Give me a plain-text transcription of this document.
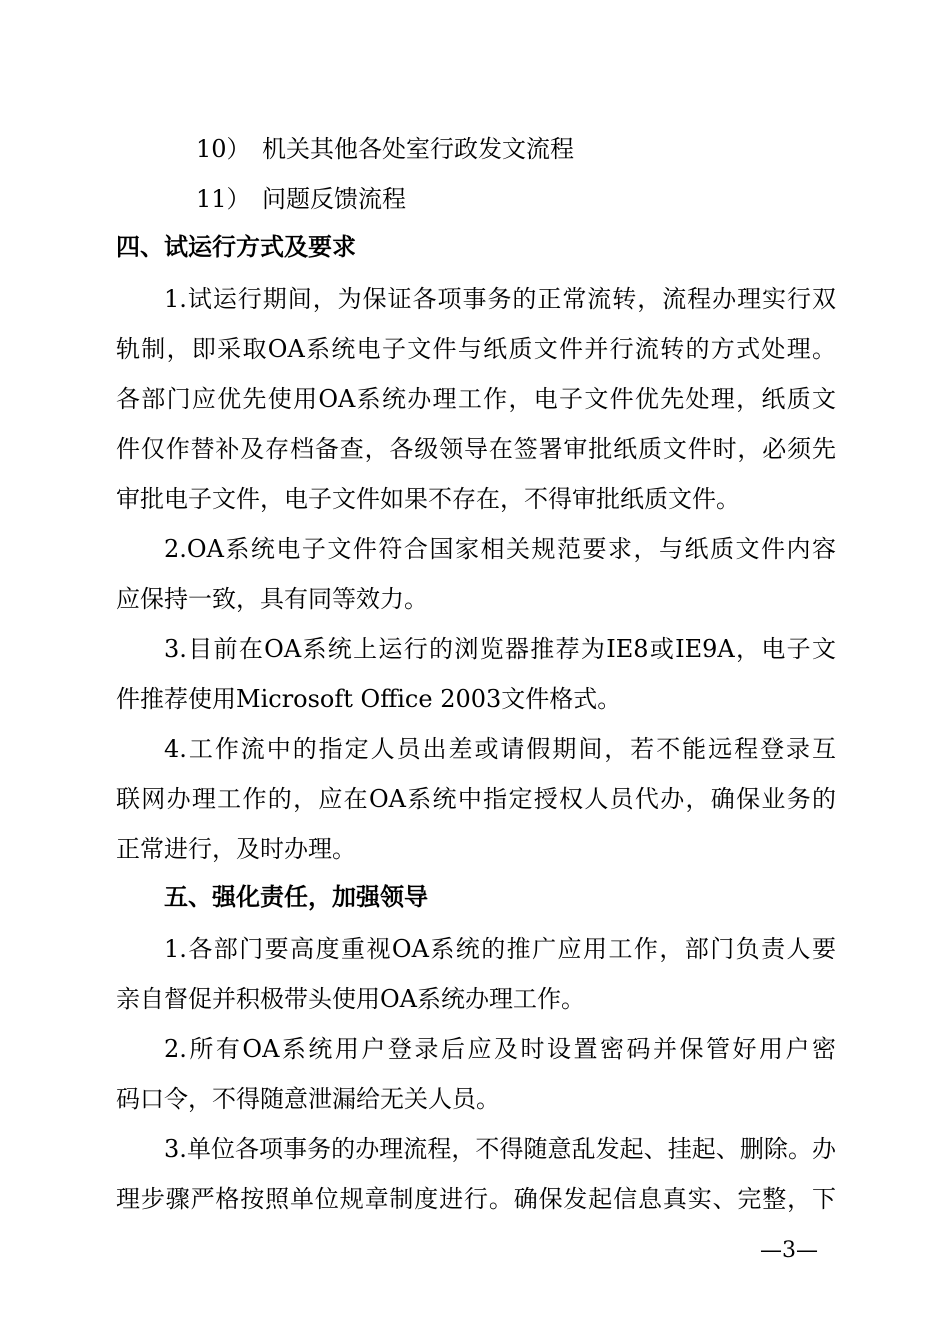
10） 机关其他各处室行政发文流程
11） 问题反馈流程
四、试运行方式及要求
1.试运行期间，为保证各项事务的正常流转，流程办理实行双
轨制，即采取OA系统电子文件与纸质文件并行流转的方式处理。
各部门应优先使用OA系统办理工作，电子文件优先处理，纸质文
件仅作替补及存档备查，各级领导在签署审批纸质文件时，必须先
审批电子文件，电子文件如果不存在，不得审批纸质文件。
2.OA系统电子文件符合国家相关规范要求，与纸质文件内容
应保持一致，具有同等效力。
3.目前在OA系统上运行的浏览器推荐为IE8或IE9A，电子文
件推荐使用Microsoft Office 2003文件格式。
4.工作流中的指定人员出差或请假期间，若不能远程登录互
联网办理工作的，应在OA系统中指定授权人员代办，确保业务的
正常进行，及时办理。
五、强化责任，加强领导
1.各部门要高度重视OA系统的推广应用工作，部门负责人要
亲自督促并积极带头使用OA系统办理工作。
2.所有OA系统用户登录后应及时设置密码并保管好用户密
码口令，不得随意泄漏给无关人员。
3.单位各项事务的办理流程，不得随意乱发起、挂起、删除。办
理步骤严格按照单位规章制度进行。确保发起信息真实、完整，下
—3—
